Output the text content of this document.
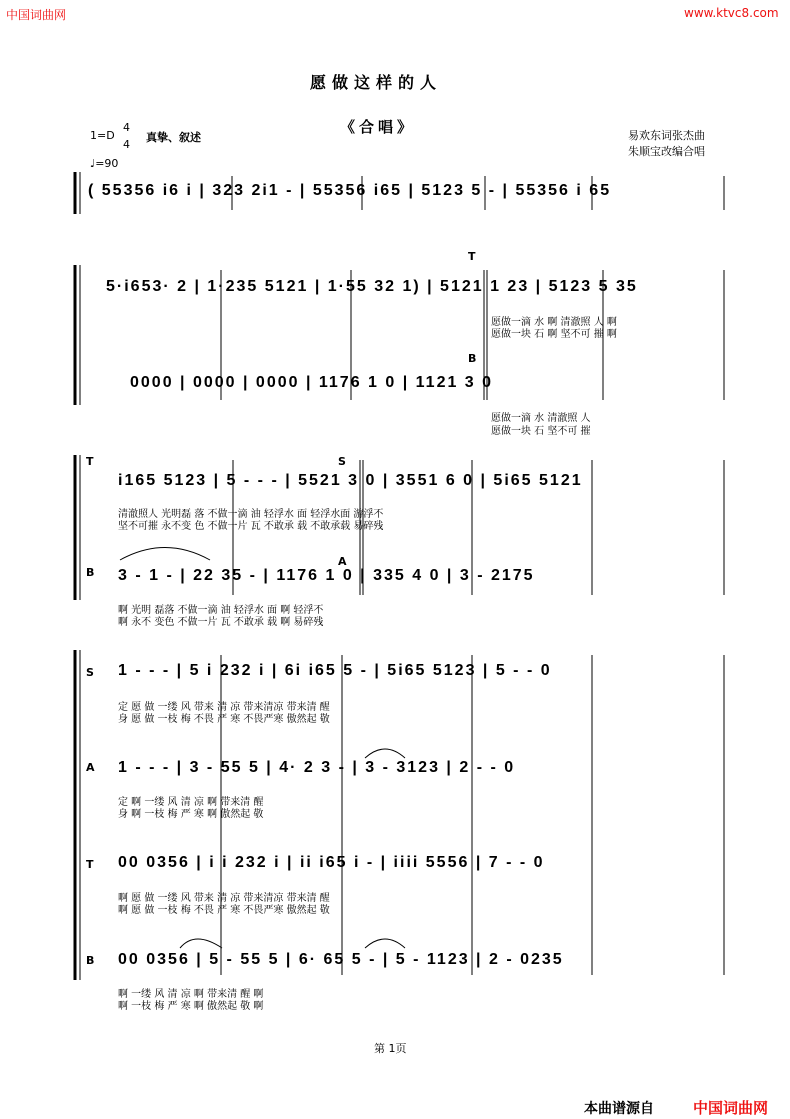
中国词曲网	www.ktvc8.com
愿做这样的人
《合唱》
1=D
4
4
真挚、叙述
♩=90
易欢东词张杰曲
朱顺宝改编合唱
( 55356 i6 i | 323 2i1 - | 55356 i65 | 5123 5 - | 55356 i 65
T
5·i653· 2 | 1·235 5121 | 1·55 32 1) | 5121 1 23 | 5123 5 35
愿做一滴 水 啊 清澈照 人 啊
愿做一块 石 啊 坚不可 摧 啊
B
0000 | 0000 | 0000 | 1176 1 0 | 1121 3 0
愿做一滴 水 清澈照 人
愿做一块 石 坚不可 摧
T	S
i165 5123 | 5 - - - | 5521 3 0 | 3551 6 0 | 5i65 5121
清澈照人 光明磊 落 不做一滴 油 轻浮水 面 轻浮水面 游浮不
坚不可摧 永不变 色 不做一片 瓦 不敢承 载 不敢承载 易碎残
B
A
3 - 1 - | 22 35 - | 1176 1 0 | 335 4 0 | 3 - 2175
啊 光明 磊落 不做一滴 油 轻浮水 面 啊 轻浮不
啊 永不 变色 不做一片 瓦 不敢承 载 啊 易碎残
S 1 - - - | 5 i 232 i | 6i i65 5 - | 5i65 5123 | 5 - - 0
定 愿 做 一缕 风 带来 清 凉 带来清凉 带来清 醒
身 愿 做 一枝 梅 不畏 严 寒 不畏严寒 傲然起 敬
A 1 - - - | 3 - 55 5 | 4· 2 3 - | 3 - 3123 | 2 - - 0
定 啊 一缕 风 清 凉 啊 带来清 醒
身 啊 一枝 梅 严 寒 啊 傲然起 敬
T 00 0356 | i i 232 i | ii i65 i - | iiii 5556 | 7 - - 0
啊 愿 做 一缕 风 带来 清 凉 带来清凉 带来清 醒
啊 愿 做 一枝 梅 不畏 严 寒 不畏严寒 傲然起 敬
B 00 0356 | 5 - 55 5 | 6· 65 5 - | 5 - 1123 | 2 - 0235
啊 一缕 风 清 凉 啊 带来清 醒 啊
啊 一枝 梅 严 寒 啊 傲然起 敬 啊
第 1页
本曲谱源自	中国词曲网
